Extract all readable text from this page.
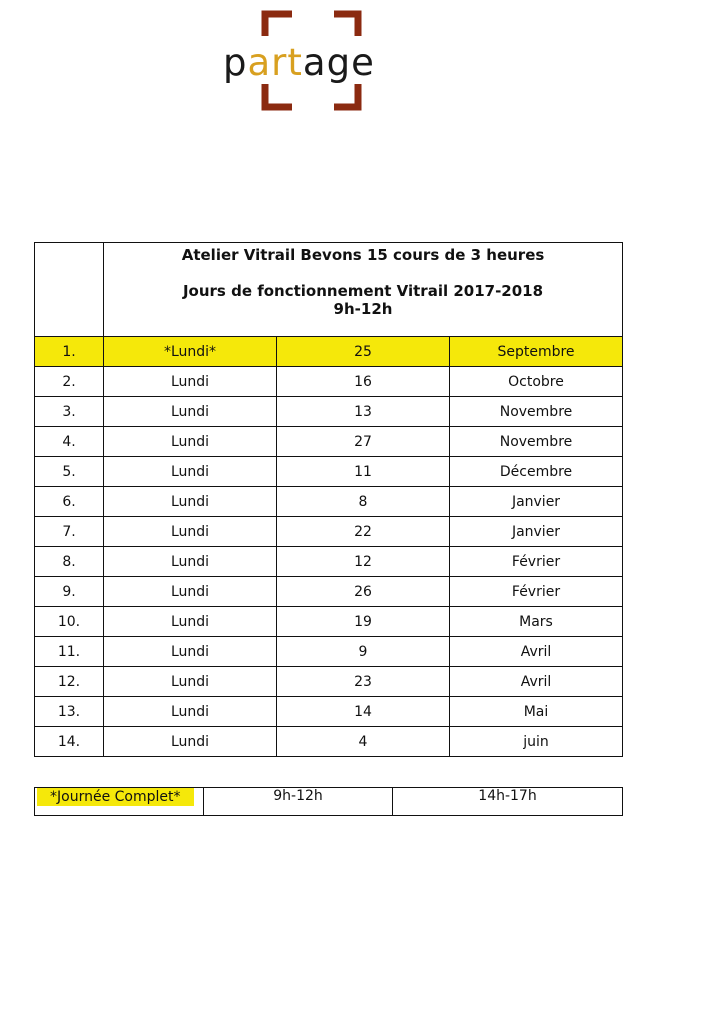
partage

	Atelier Vitrail Bevons 15 cours de 3 heures
Jours de fonctionnement Vitrail 2017-2018
9h-12h		

1.	*Lundi*	25	Septembre
2.	Lundi	16	Octobre
3.	Lundi	13	Novembre
4.	Lundi	27	Novembre
5.	Lundi	11	Décembre
6.	Lundi	8	Janvier
7.	Lundi	22	Janvier
8.	Lundi	12	Février
9.	Lundi	26	Février
10.	Lundi	19	Mars
11.	Lundi	9	Avril
12.	Lundi	23	Avril
13.	Lundi	14	Mai
14.	Lundi	4	juin
*Journée Complet*	9h-12h	14h-17h
